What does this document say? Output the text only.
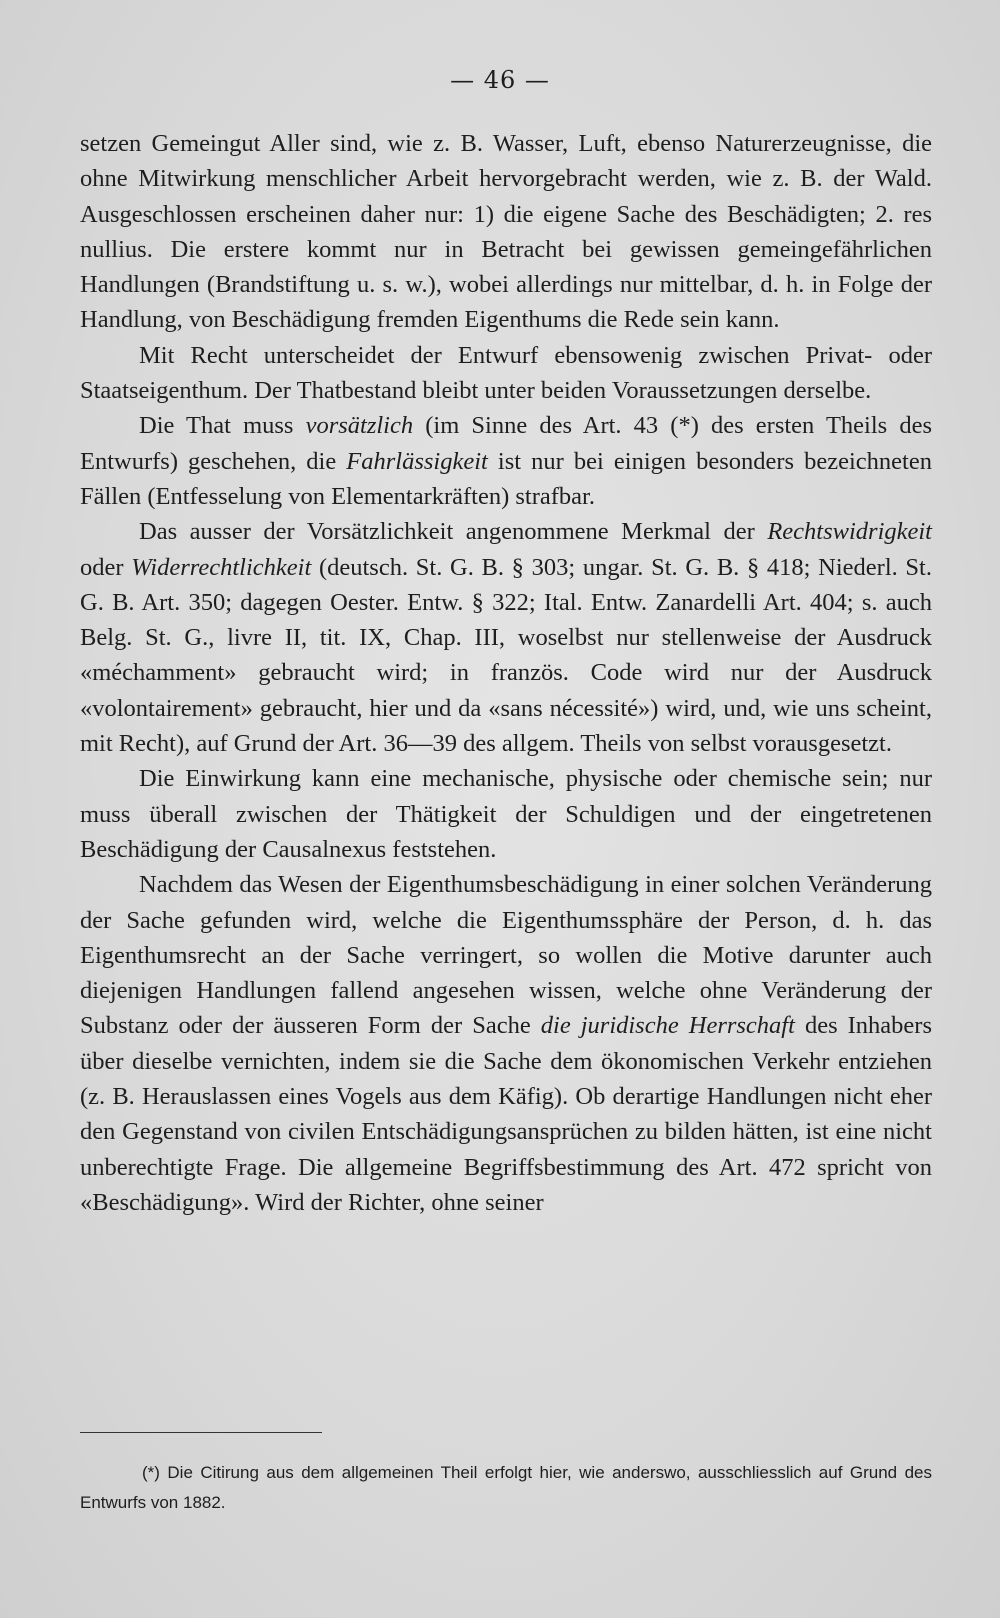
— 46 —

setzen Gemeingut Aller sind, wie z. B. Wasser, Luft, ebenso Naturerzeugnisse, die ohne Mitwirkung menschlicher Arbeit hervorgebracht werden, wie z. B. der Wald. Ausgeschlossen erscheinen daher nur: 1) die eigene Sache des Beschädigten; 2. res nullius. Die erstere kommt nur in Betracht bei gewissen gemeingefährlichen Handlungen (Brandstiftung u. s. w.), wobei allerdings nur mittelbar, d. h. in Folge der Handlung, von Beschädigung fremden Eigenthums die Rede sein kann.

Mit Recht unterscheidet der Entwurf ebensowenig zwischen Privat- oder Staatseigenthum. Der Thatbestand bleibt unter beiden Voraussetzungen derselbe.

Die That muss vorsätzlich (im Sinne des Art. 43 (*) des ersten Theils des Entwurfs) geschehen, die Fahrlässigkeit ist nur bei einigen besonders bezeichneten Fällen (Entfesselung von Elementarkräften) strafbar.

Das ausser der Vorsätzlichkeit angenommene Merkmal der Rechtswidrigkeit oder Widerrechtlichkeit (deutsch. St. G. B. § 303; ungar. St. G. B. § 418; Niederl. St. G. B. Art. 350; dagegen Oester. Entw. § 322; Ital. Entw. Zanardelli Art. 404; s. auch Belg. St. G., livre II, tit. IX, Chap. III, woselbst nur stellenweise der Ausdruck «méchamment» gebraucht wird; in französ. Code wird nur der Ausdruck «volontairement» gebraucht, hier und da «sans nécessité») wird, und, wie uns scheint, mit Recht), auf Grund der Art. 36—39 des allgem. Theils von selbst vorausgesetzt.

Die Einwirkung kann eine mechanische, physische oder chemische sein; nur muss überall zwischen der Thätigkeit der Schuldigen und der eingetretenen Beschädigung der Causalnexus feststehen.

Nachdem das Wesen der Eigenthumsbeschädigung in einer solchen Veränderung der Sache gefunden wird, welche die Eigenthumssphäre der Person, d. h. das Eigenthumsrecht an der Sache verringert, so wollen die Motive darunter auch diejenigen Handlungen fallend angesehen wissen, welche ohne Veränderung der Substanz oder der äusseren Form der Sache die juridische Herrschaft des Inhabers über dieselbe vernichten, indem sie die Sache dem ökonomischen Verkehr entziehen (z. B. Herauslassen eines Vogels aus dem Käfig). Ob derartige Handlungen nicht eher den Gegenstand von civilen Entschädigungsansprüchen zu bilden hätten, ist eine nicht unberechtigte Frage. Die allgemeine Begriffsbestimmung des Art. 472 spricht von «Beschädigung». Wird der Richter, ohne seiner

(*) Die Citirung aus dem allgemeinen Theil erfolgt hier, wie anderswo, ausschliesslich auf Grund des Entwurfs von 1882.
